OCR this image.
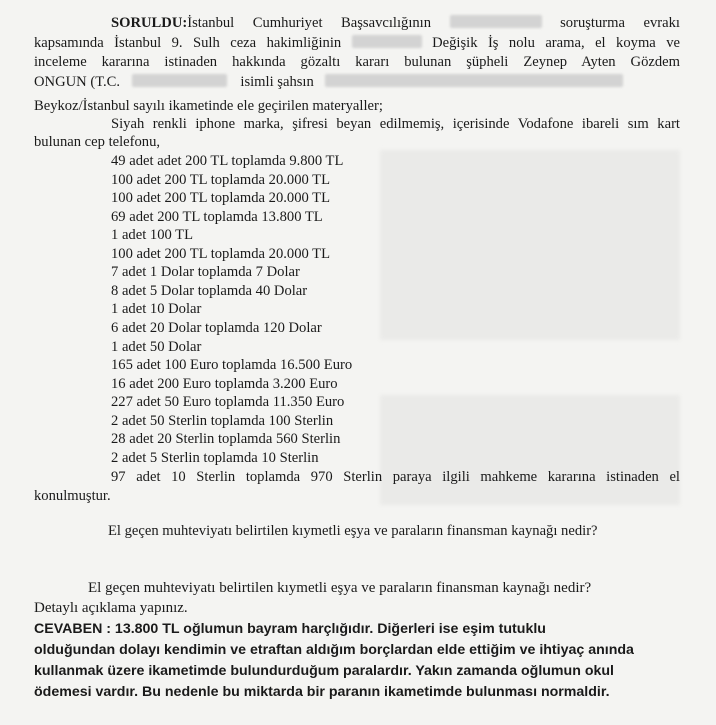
SORULDU:İstanbul Cumhuriyet Başsavcılığının	soruşturma evrakı
kapsamında İstanbul 9. Sulh ceza hakimliğinin	Değişik İş nolu arama, el koyma ve
inceleme kararına istinaden hakkında gözaltı kararı bulunan şüpheli Zeynep Ayten Gözdem
ONGUN (T.C.	isimli şahsın
Beykoz/İstanbul sayılı ikametinde ele geçirilen materyaller;
Siyah renkli iphone marka, şifresi beyan edilmemiş, içerisinde Vodafone ibareli sım kart
bulunan cep telefonu,
49 adet adet 200 TL toplamda 9.800 TL
100 adet 200 TL toplamda 20.000 TL
100 adet 200 TL toplamda 20.000 TL
69 adet 200 TL toplamda 13.800 TL
1 adet 100 TL
100 adet 200 TL toplamda 20.000 TL
7 adet 1 Dolar toplamda 7 Dolar
8 adet 5 Dolar toplamda 40 Dolar
1 adet 10 Dolar
6 adet 20 Dolar toplamda 120 Dolar
1 adet 50 Dolar
165 adet 100 Euro toplamda 16.500 Euro
16 adet 200 Euro toplamda 3.200 Euro
227 adet 50 Euro toplamda 11.350 Euro
2 adet 50 Sterlin toplamda 100 Sterlin
28 adet 20 Sterlin toplamda 560 Sterlin
2 adet 5 Sterlin toplamda 10 Sterlin
97 adet 10 Sterlin toplamda 970 Sterlin paraya ilgili mahkeme kararına istinaden el
konulmuştur.
El geçen muhteviyatı belirtilen kıymetli eşya ve paraların finansman kaynağı nedir?
El geçen muhteviyatı belirtilen kıymetli eşya ve paraların finansman kaynağı nedir?
Detaylı açıklama yapınız.
CEVABEN : 13.800 TL oğlumun bayram harçlığıdır. Diğerleri ise eşim tutuklu
olduğundan dolayı kendimin ve etraftan aldığım borçlardan elde ettiğim ve ihtiyaç anında
kullanmak üzere ikametimde bulundurduğum paralardır. Yakın zamanda oğlumun okul
ödemesi vardır. Bu nedenle bu miktarda bir paranın ikametimde bulunması normaldir.
